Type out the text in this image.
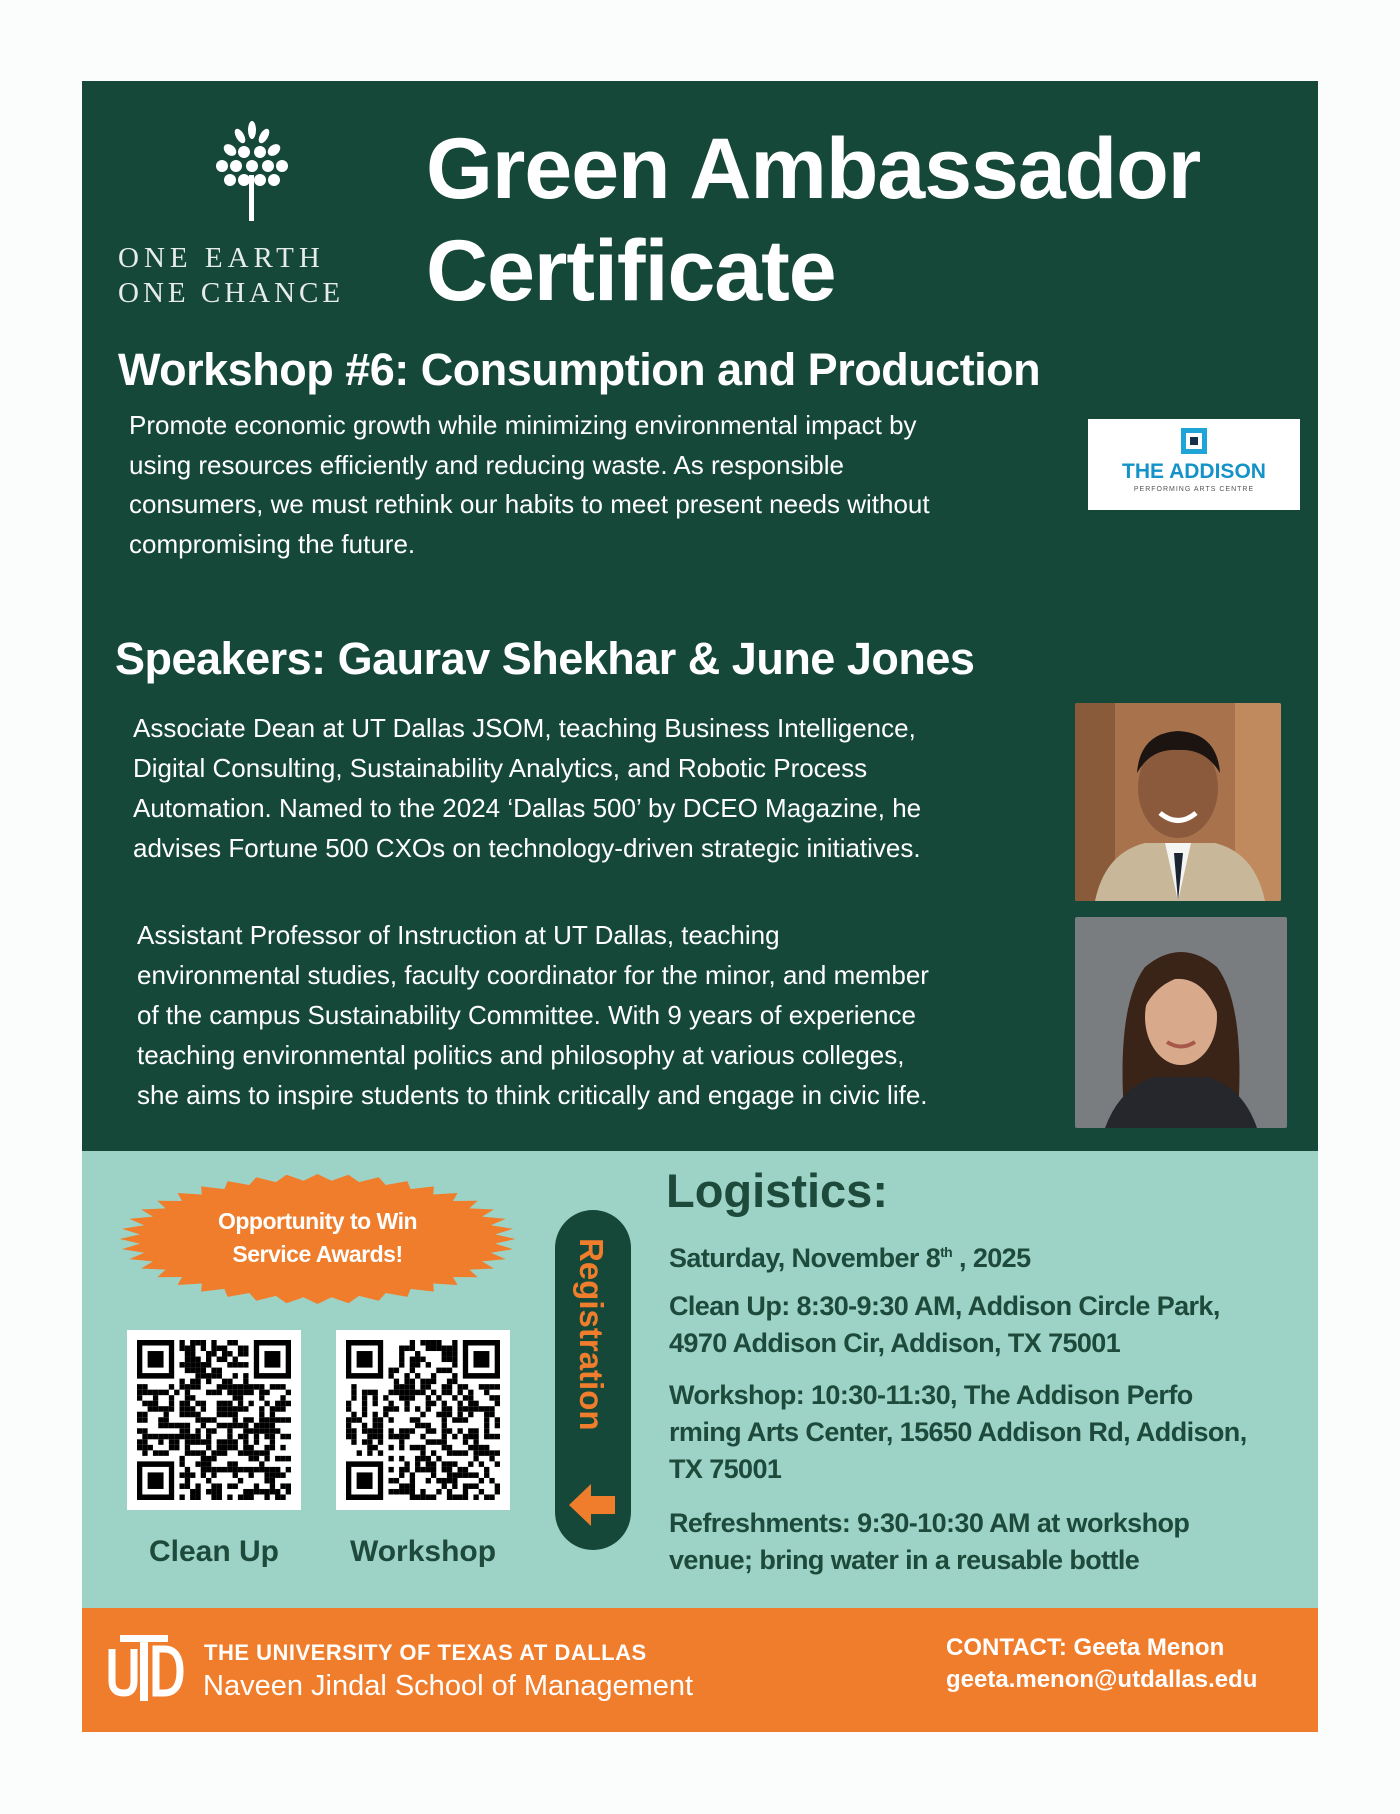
ONE EARTH
ONE CHANCE
Green Ambassador
Certificate
Workshop #6: Consumption and Production
Promote economic growth while minimizing environmental impact by
using resources efficiently and reducing waste. As responsible
consumers, we must rethink our habits to meet present needs without
compromising the future.
THE ADDISON
PERFORMING ARTS CENTRE
Speakers: Gaurav Shekhar & June Jones
Associate Dean at UT Dallas JSOM, teaching Business Intelligence,
Digital Consulting, Sustainability Analytics, and Robotic Process
Automation. Named to the 2024 ‘Dallas 500’ by DCEO Magazine, he
advises Fortune 500 CXOs on technology-driven strategic initiatives.
Assistant Professor of Instruction at UT Dallas, teaching
environmental studies, faculty coordinator for the minor, and member
of the campus Sustainability Committee. With 9 years of experience
teaching environmental politics and philosophy at various colleges,
she aims to inspire students to think critically and engage in civic life.
Opportunity to Win
Service Awards!
Clean Up	Workshop
Registration
Logistics:
Saturday, November 8th , 2025
Clean Up: 8:30-9:30 AM, Addison Circle Park,
4970 Addison Cir, Addison, TX 75001
Workshop: 10:30-11:30, The Addison Perfo
rming Arts Center, 15650 Addison Rd, Addison,
TX 75001
Refreshments: 9:30-10:30 AM at workshop
venue; bring water in a reusable bottle
THE UNIVERSITY OF TEXAS AT DALLAS
Naveen Jindal School of Management
CONTACT: Geeta Menon
geeta.menon@utdallas.edu
